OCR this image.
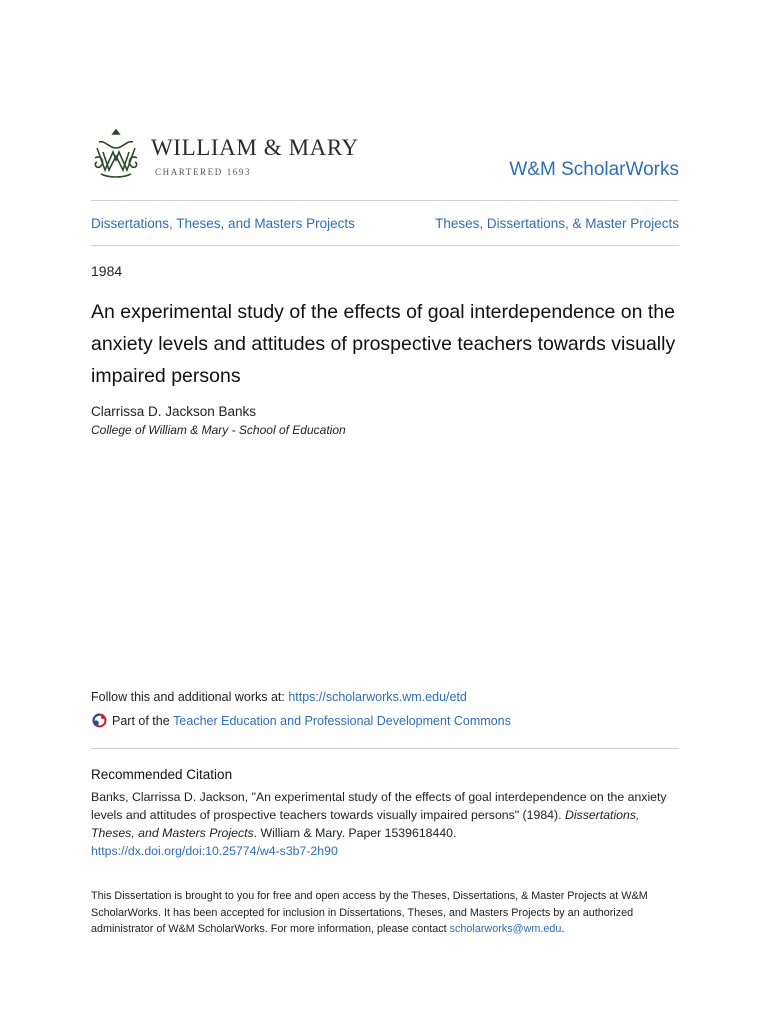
WILLIAM & MARY
CHARTERED 1693	W&M ScholarWorks
Dissertations, Theses, and Masters Projects	Theses, Dissertations, & Master Projects
1984
An experimental study of the effects of goal interdependence on the anxiety levels and attitudes of prospective teachers towards visually impaired persons
Clarrissa D. Jackson Banks
College of William & Mary - School of Education
Follow this and additional works at: https://scholarworks.wm.edu/etd
Part of the
Teacher Education and Professional Development Commons
Recommended Citation

Banks, Clarrissa D. Jackson, "An experimental study of the effects of goal interdependence on the anxiety levels and attitudes of prospective teachers towards visually impaired persons" (1984). Dissertations, Theses, and Masters Projects. William & Mary. Paper 1539618440.
https://dx.doi.org/doi:10.25774/w4-s3b7-2h90

This Dissertation is brought to you for free and open access by the Theses, Dissertations, & Master Projects at W&M ScholarWorks. It has been accepted for inclusion in Dissertations, Theses, and Masters Projects by an authorized administrator of W&M ScholarWorks. For more information, please contact scholarworks@wm.edu.
